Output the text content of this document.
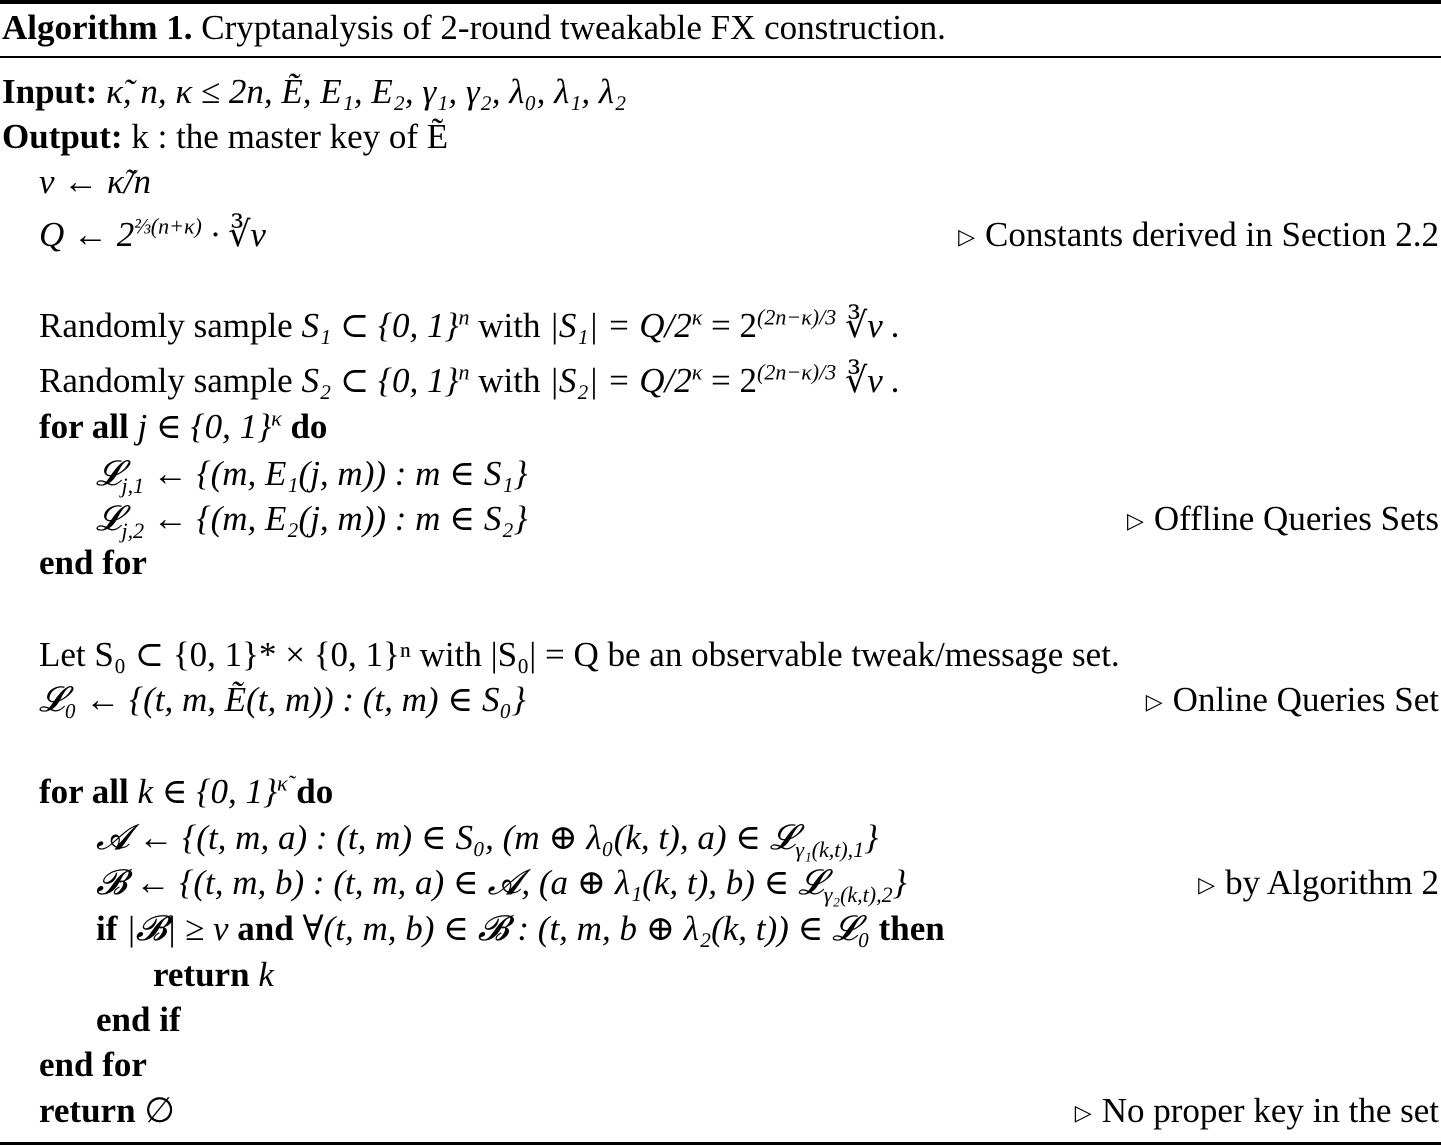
Algorithm 1. Cryptanalysis of 2-round tweakable FX construction.
Input: κ̃, n, κ ≤ 2n, Ẽ, E₁, E₂, γ₁, γ₂, λ₀, λ₁, λ₂
Output: k : the master key of Ẽ
ν ← κ̃/n
Q ← $2^{\frac{2}{3}(n+\kappa)}$ · ∛ν	▷ Constants derived in Section 2.2
Randomly sample S₁ ⊂ {0, 1}$^n$ with $|S_1| = Q/2^\kappa = 2^{(2n-\kappa)/3}$ ∛ν .
Randomly sample S₂ ⊂ {0, 1}$^n$ with $|S_2| = Q/2^\kappa = 2^{(2n-\kappa)/3}$ ∛ν .
for all j ∈ {0, 1}$^\kappa$ do
𝓛$_{j,1}$ ← {(m, E₁(j, m)) : m ∈ S₁}
𝓛$_{j,2}$ ← {(m, E₂(j, m)) : m ∈ S₂}	▷ Offline Queries Sets
end for
Let S₀ ⊂ {0, 1}* × {0, 1}ⁿ with |S₀| = Q be an observable tweak/message set.
𝓛₀ ← {(t, m, Ẽ(t, m)) : (t, m) ∈ S₀}	▷ Online Queries Set
for all k ∈ {0, 1}$^{\kappã}$ do
𝓐 ← {(t, m, a) : (t, m) ∈ S₀, (m ⊕ λ₀(k, t), a) ∈ 𝓛$_{\gamma_1(k,t),1}$}
𝓑 ← {(t, m, b) : (t, m, a) ∈ 𝓐, (a ⊕ λ₁(k, t), b) ∈ 𝓛$_{\gamma_2(k,t),2}$}	▷ by Algorithm 2
if |𝓑| ≥ ν and ∀(t, m, b) ∈ 𝓑 : (t, m, b ⊕ λ₂(k, t)) ∈ 𝓛₀ then
return k
end if
end for
return ∅	▷ No proper key in the set
